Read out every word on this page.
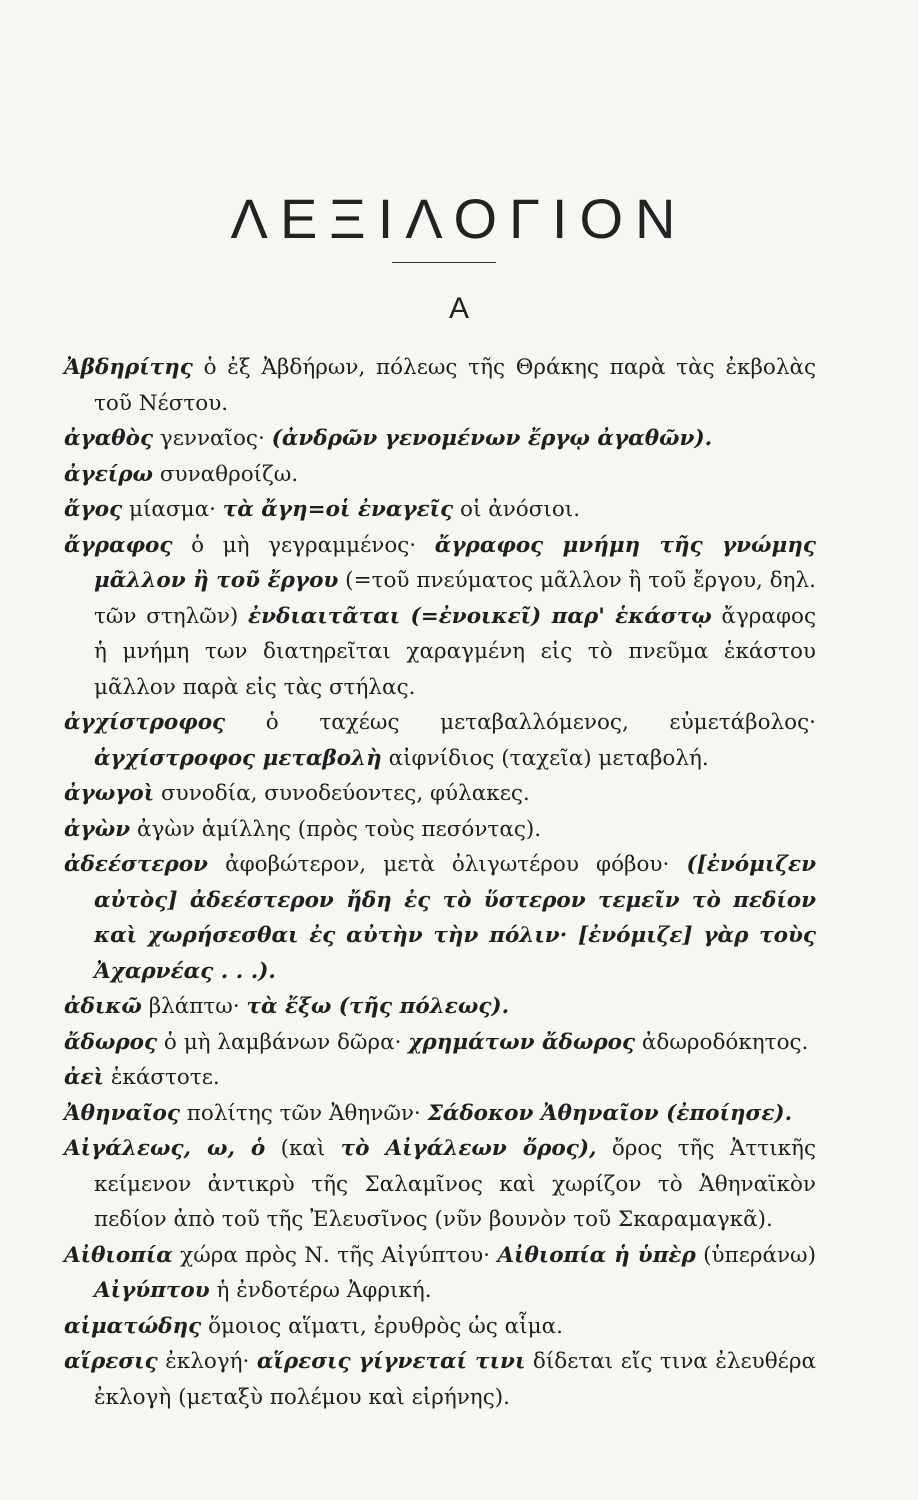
ΛΕΞΙΛΟΓΙΟΝ
Α
Ἀβδηρίτης ὁ ἐξ Ἀβδήρων, πόλεως τῆς Θράκης παρὰ τὰς ἐκβολὰς τοῦ Νέστου.
ἀγαθὸς γενναῖος· (ἀνδρῶν γενομένων ἔργῳ ἀγαθῶν).
ἀγείρω συναθροίζω.
ἄγος μίασμα· τὰ ἄγη=οἱ ἐναγεῖς οἱ ἀνόσιοι.
ἄγραφος ὁ μὴ γεγραμμένος· ἄγραφος μνήμη τῆς γνώμης μᾶλλον ἢ τοῦ ἔργου (=τοῦ πνεύματος μᾶλλον ἢ τοῦ ἔργου, δηλ. τῶν στηλῶν) ἐνδιαιτᾶται (=ἐνοικεῖ) παρ' ἑκάστῳ ἄγραφος ἡ μνήμη των διατηρεῖται χαραγμένη εἰς τὸ πνεῦμα ἑκάστου μᾶλλον παρὰ εἰς τὰς στήλας.
ἀγχίστροφος ὁ ταχέως μεταβαλλόμενος, εὐμετάβολος· ἀγχίστροφος μεταβολὴ αἰφνίδιος (ταχεῖα) μεταβολή.
ἀγωγοὶ συνοδία, συνοδεύοντες, φύλακες.
ἀγὼν ἀγὼν ἁμίλλης (πρὸς τοὺς πεσόντας).
ἀδεέστερον ἀφοβώτερον, μετὰ ὀλιγωτέρου φόβου· ([ἐνόμιζεν αὐτὸς] ἀδεέστερον ἤδη ἐς τὸ ὕστερον τεμεῖν τὸ πεδίον καὶ χωρήσεσθαι ἐς αὐτὴν τὴν πόλιν· [ἐνόμιζε] γὰρ τοὺς Ἀχαρνέας . . .).
ἀδικῶ βλάπτω· τὰ ἔξω (τῆς πόλεως).
ἄδωρος ὁ μὴ λαμβάνων δῶρα· χρημάτων ἄδωρος ἀδωροδόκητος.
ἀεὶ ἑκάστοτε.
Ἀθηναῖος πολίτης τῶν Ἀθηνῶν· Σάδοκον Ἀθηναῖον (ἐποίησε).
Αἰγάλεως, ω, ὁ (καὶ τὸ Αἰγάλεων ὄρος), ὄρος τῆς Ἀττικῆς κείμενον ἀντικρὺ τῆς Σαλαμῖνος καὶ χωρίζον τὸ Ἀθηναϊκὸν πεδίον ἀπὸ τοῦ τῆς Ἐλευσῖνος (νῦν βουνὸν τοῦ Σκαραμαγκᾶ).
Αἰθιοπία χώρα πρὸς Ν. τῆς Αἰγύπτου· Αἰθιοπία ἡ ὑπὲρ (ὑπεράνω) Αἰγύπτου ἡ ἐνδοτέρω Ἀφρική.
αἱματώδης ὅμοιος αἵματι, ἐρυθρὸς ὡς αἷμα.
αἵρεσις ἐκλογή· αἵρεσις γίγνεταί τινι δίδεται εἴς τινα ἐλευθέρα ἐκλογὴ (μεταξὺ πολέμου καὶ εἰρήνης).
